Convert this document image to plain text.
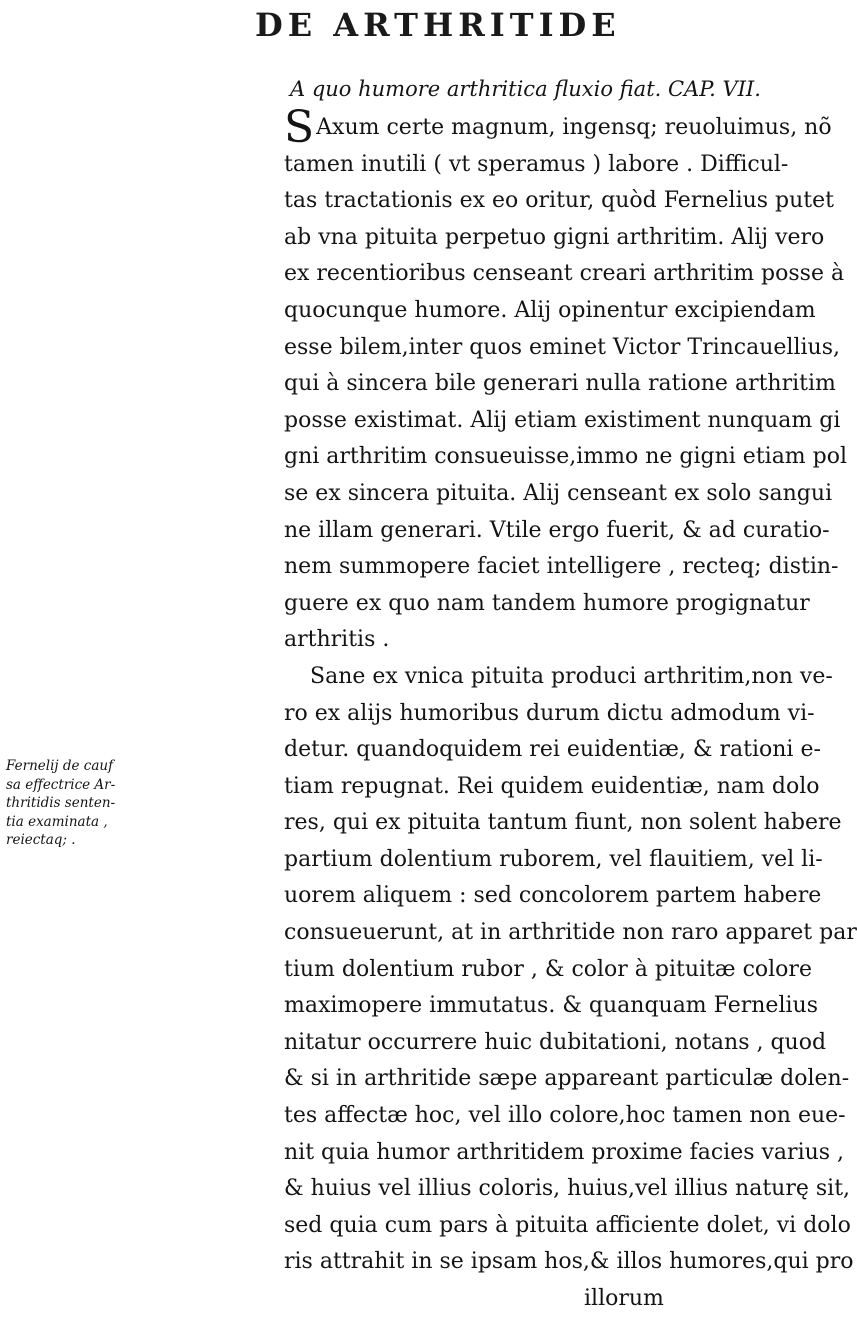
DE ARTHRITIDE
A quo humore arthritica fluxio fiat. CAP. VII.
S Axum certe magnum, ingensq; reuoluimus, nõ
tamen inutili ( vt speramus ) labore . Difficul-
tas tractationis ex eo oritur, quòd Fernelius putet
ab vna pituita perpetuo gigni arthritim. Alij vero
ex recentioribus censeant creari arthritim posse à
quocunque humore. Alij opinentur excipiendam
esse bilem,inter quos eminet Victor Trincauellius,
qui à sincera bile generari nulla ratione arthritim
posse existimat. Alij etiam existiment nunquam gi
gni arthritim consueuisse,immo ne gigni etiam pol
se ex sincera pituita. Alij censeant ex solo sangui
ne illam generari. Vtile ergo fuerit, & ad curatio-
nem summopere faciet intelligere , recteq; distin-
guere ex quo nam tandem humore progignatur
arthritis .
Sane ex vnica pituita produci arthritim,non ve-
ro ex alijs humoribus durum dictu admodum vi-
detur. quandoquidem rei euidentiæ, & rationi e-
tiam repugnat. Rei quidem euidentiæ, nam dolo
res, qui ex pituita tantum fiunt, non solent habere
partium dolentium ruborem, vel flauitiem, vel li-
uorem aliquem : sed concolorem partem habere
consueuerunt, at in arthritide non raro apparet par
tium dolentium rubor , & color à pituitæ colore
maximopere immutatus. & quanquam Fernelius
nitatur occurrere huic dubitationi, notans , quod
& si in arthritide sæpe appareant particulæ dolen-
tes affectæ hoc, vel illo colore,hoc tamen non eue-
nit quia humor arthritidem proxime facies varius ,
& huius vel illius coloris, huius,vel illius naturę sit,
sed quia cum pars à pituita afficiente dolet, vi dolo
ris attrahit in se ipsam hos,& illos humores,qui pro
illorum
Fernelij de cauf
sa effectrice Ar-
thritidis senten-
tia examinata ,
reiectaq; .
